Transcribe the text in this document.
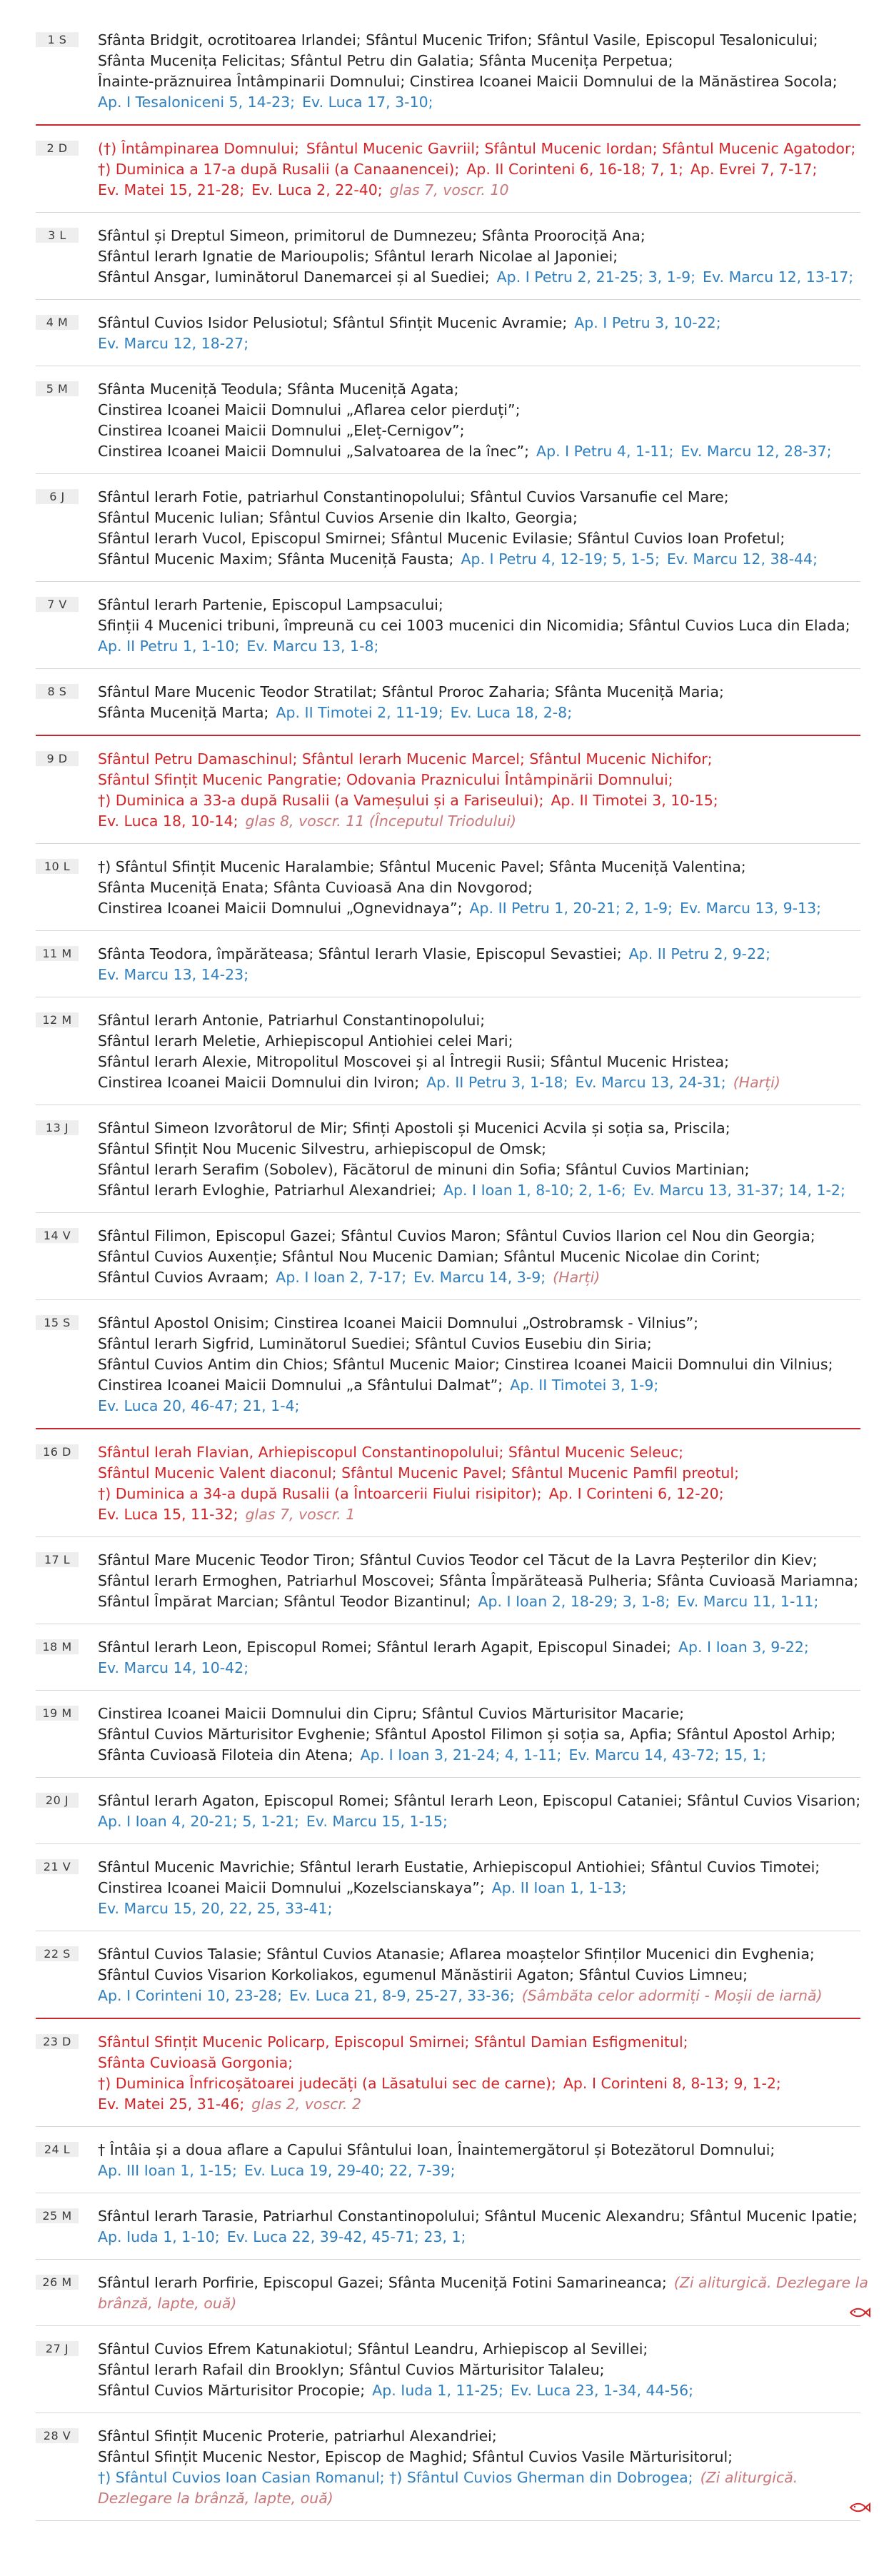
1 S	Sfânta Bridgit, ocrotitoarea Irlandei; Sfântul Mucenic Trifon; Sfântul Vasile, Episcopul Tesalonicului;
Sfânta Mucenița Felicitas; Sfântul Petru din Galatia; Sfânta Mucenița Perpetua;
Înainte-prăznuirea Întâmpinarii Domnului; Cinstirea Icoanei Maicii Domnului de la Mănăstirea Socola;
Ap. I Tesaloniceni 5, 14-23; Ev. Luca 17, 3-10;
2 D	(†) Întâmpinarea Domnului; Sfântul Mucenic Gavriil; Sfântul Mucenic Iordan; Sfântul Mucenic Agatodor;
†) Duminica a 17-a după Rusalii (a Canaanencei); Ap. II Corinteni 6, 16-18; 7, 1; Ap. Evrei 7, 7-17;
Ev. Matei 15, 21-28; Ev. Luca 2, 22-40; glas 7, voscr. 10
3 L	Sfântul și Dreptul Simeon, primitorul de Dumnezeu; Sfânta Proorociță Ana;
Sfântul Ierarh Ignatie de Marioupolis; Sfântul Ierarh Nicolae al Japoniei;
Sfântul Ansgar, luminătorul Danemarcei și al Suediei; Ap. I Petru 2, 21-25; 3, 1-9; Ev. Marcu 12, 13-17;
4 M	Sfântul Cuvios Isidor Pelusiotul; Sfântul Sfințit Mucenic Avramie; Ap. I Petru 3, 10-22;
Ev. Marcu 12, 18-27;
5 M	Sfânta Muceniță Teodula; Sfânta Muceniță Agata;
Cinstirea Icoanei Maicii Domnului „Aflarea celor pierduți”;
Cinstirea Icoanei Maicii Domnului „Eleț-Cernigov”;
Cinstirea Icoanei Maicii Domnului „Salvatoarea de la înec”; Ap. I Petru 4, 1-11; Ev. Marcu 12, 28-37;
6 J	Sfântul Ierarh Fotie, patriarhul Constantinopolului; Sfântul Cuvios Varsanufie cel Mare;
Sfântul Mucenic Iulian; Sfântul Cuvios Arsenie din Ikalto, Georgia;
Sfântul Ierarh Vucol, Episcopul Smirnei; Sfântul Mucenic Evilasie; Sfântul Cuvios Ioan Profetul;
Sfântul Mucenic Maxim; Sfânta Muceniță Fausta; Ap. I Petru 4, 12-19; 5, 1-5; Ev. Marcu 12, 38-44;
7 V	Sfântul Ierarh Partenie, Episcopul Lampsacului;
Sfinții 4 Mucenici tribuni, împreună cu cei 1003 mucenici din Nicomidia; Sfântul Cuvios Luca din Elada;
Ap. II Petru 1, 1-10; Ev. Marcu 13, 1-8;
8 S	Sfântul Mare Mucenic Teodor Stratilat; Sfântul Proroc Zaharia; Sfânta Muceniță Maria;
Sfânta Muceniță Marta; Ap. II Timotei 2, 11-19; Ev. Luca 18, 2-8;
9 D	Sfântul Petru Damaschinul; Sfântul Ierarh Mucenic Marcel; Sfântul Mucenic Nichifor;
Sfântul Sfințit Mucenic Pangratie; Odovania Praznicului Întâmpinării Domnului;
†) Duminica a 33-a după Rusalii (a Vameșului și a Fariseului); Ap. II Timotei 3, 10-15;
Ev. Luca 18, 10-14; glas 8, voscr. 11 (Începutul Triodului)
10 L	†) Sfântul Sfințit Mucenic Haralambie; Sfântul Mucenic Pavel; Sfânta Muceniță Valentina;
Sfânta Muceniță Enata; Sfânta Cuvioasă Ana din Novgorod;
Cinstirea Icoanei Maicii Domnului „Ognevidnaya”; Ap. II Petru 1, 20-21; 2, 1-9; Ev. Marcu 13, 9-13;
11 M	Sfânta Teodora, împărăteasa; Sfântul Ierarh Vlasie, Episcopul Sevastiei; Ap. II Petru 2, 9-22;
Ev. Marcu 13, 14-23;
12 M	Sfântul Ierarh Antonie, Patriarhul Constantinopolului;
Sfântul Ierarh Meletie, Arhiepiscopul Antiohiei celei Mari;
Sfântul Ierarh Alexie, Mitropolitul Moscovei și al Întregii Rusii; Sfântul Mucenic Hristea;
Cinstirea Icoanei Maicii Domnului din Iviron; Ap. II Petru 3, 1-18; Ev. Marcu 13, 24-31; (Harți)
13 J	Sfântul Simeon Izvorâtorul de Mir; Sfinți Apostoli și Mucenici Acvila și soția sa, Priscila;
Sfântul Sfințit Nou Mucenic Silvestru, arhiepiscopul de Omsk;
Sfântul Ierarh Serafim (Sobolev), Făcătorul de minuni din Sofia; Sfântul Cuvios Martinian;
Sfântul Ierarh Evloghie, Patriarhul Alexandriei; Ap. I Ioan 1, 8-10; 2, 1-6; Ev. Marcu 13, 31-37; 14, 1-2;
14 V	Sfântul Filimon, Episcopul Gazei; Sfântul Cuvios Maron; Sfântul Cuvios Ilarion cel Nou din Georgia;
Sfântul Cuvios Auxenție; Sfântul Nou Mucenic Damian; Sfântul Mucenic Nicolae din Corint;
Sfântul Cuvios Avraam; Ap. I Ioan 2, 7-17; Ev. Marcu 14, 3-9; (Harți)
15 S	Sfântul Apostol Onisim; Cinstirea Icoanei Maicii Domnului „Ostrobramsk - Vilnius”;
Sfântul Ierarh Sigfrid, Luminătorul Suediei; Sfântul Cuvios Eusebiu din Siria;
Sfântul Cuvios Antim din Chios; Sfântul Mucenic Maior; Cinstirea Icoanei Maicii Domnului din Vilnius;
Cinstirea Icoanei Maicii Domnului „a Sfântului Dalmat”; Ap. II Timotei 3, 1-9;
Ev. Luca 20, 46-47; 21, 1-4;
16 D	Sfântul Ierah Flavian, Arhiepiscopul Constantinopolului; Sfântul Mucenic Seleuc;
Sfântul Mucenic Valent diaconul; Sfântul Mucenic Pavel; Sfântul Mucenic Pamfil preotul;
†) Duminica a 34-a după Rusalii (a Întoarcerii Fiului risipitor); Ap. I Corinteni 6, 12-20;
Ev. Luca 15, 11-32; glas 7, voscr. 1
17 L	Sfântul Mare Mucenic Teodor Tiron; Sfântul Cuvios Teodor cel Tăcut de la Lavra Peșterilor din Kiev;
Sfântul Ierarh Ermoghen, Patriarhul Moscovei; Sfânta Împărăteasă Pulheria; Sfânta Cuvioasă Mariamna;
Sfântul Împărat Marcian; Sfântul Teodor Bizantinul; Ap. I Ioan 2, 18-29; 3, 1-8; Ev. Marcu 11, 1-11;
18 M	Sfântul Ierarh Leon, Episcopul Romei; Sfântul Ierarh Agapit, Episcopul Sinadei; Ap. I Ioan 3, 9-22;
Ev. Marcu 14, 10-42;
19 M	Cinstirea Icoanei Maicii Domnului din Cipru; Sfântul Cuvios Mărturisitor Macarie;
Sfântul Cuvios Mărturisitor Evghenie; Sfântul Apostol Filimon și soția sa, Apfia; Sfântul Apostol Arhip;
Sfânta Cuvioasă Filoteia din Atena; Ap. I Ioan 3, 21-24; 4, 1-11; Ev. Marcu 14, 43-72; 15, 1;
20 J	Sfântul Ierarh Agaton, Episcopul Romei; Sfântul Ierarh Leon, Episcopul Cataniei; Sfântul Cuvios Visarion;
Ap. I Ioan 4, 20-21; 5, 1-21; Ev. Marcu 15, 1-15;
21 V	Sfântul Mucenic Mavrichie; Sfântul Ierarh Eustatie, Arhiepiscopul Antiohiei; Sfântul Cuvios Timotei;
Cinstirea Icoanei Maicii Domnului „Kozelscianskaya”; Ap. II Ioan 1, 1-13;
Ev. Marcu 15, 20, 22, 25, 33-41;
22 S	Sfântul Cuvios Talasie; Sfântul Cuvios Atanasie; Aflarea moaștelor Sfinților Mucenici din Evghenia;
Sfântul Cuvios Visarion Korkoliakos, egumenul Mănăstirii Agaton; Sfântul Cuvios Limneu;
Ap. I Corinteni 10, 23-28; Ev. Luca 21, 8-9, 25-27, 33-36; (Sâmbăta celor adormiți - Moșii de iarnă)
23 D	Sfântul Sfințit Mucenic Policarp, Episcopul Smirnei; Sfântul Damian Esfigmenitul;
Sfânta Cuvioasă Gorgonia;
†) Duminica Înfricoșătoarei judecăți (a Lăsatului sec de carne); Ap. I Corinteni 8, 8-13; 9, 1-2;
Ev. Matei 25, 31-46; glas 2, voscr. 2
24 L	† Întâia și a doua aflare a Capului Sfântului Ioan, Înaintemergătorul și Botezătorul Domnului;
Ap. III Ioan 1, 1-15; Ev. Luca 19, 29-40; 22, 7-39;
25 M	Sfântul Ierarh Tarasie, Patriarhul Constantinopolului; Sfântul Mucenic Alexandru; Sfântul Mucenic Ipatie;
Ap. Iuda 1, 1-10; Ev. Luca 22, 39-42, 45-71; 23, 1;
26 M	Sfântul Ierarh Porfirie, Episcopul Gazei; Sfânta Muceniță Fotini Samarineanca; (Zi aliturgică. Dezlegare la
brânză, lapte, ouă)
27 J	Sfântul Cuvios Efrem Katunakiotul; Sfântul Leandru, Arhiepiscop al Sevillei;
Sfântul Ierarh Rafail din Brooklyn; Sfântul Cuvios Mărturisitor Talaleu;
Sfântul Cuvios Mărturisitor Procopie; Ap. Iuda 1, 11-25; Ev. Luca 23, 1-34, 44-56;
28 V	Sfântul Sfințit Mucenic Proterie, patriarhul Alexandriei;
Sfântul Sfințit Mucenic Nestor, Episcop de Maghid; Sfântul Cuvios Vasile Mărturisitorul;
†) Sfântul Cuvios Ioan Casian Romanul; †) Sfântul Cuvios Gherman din Dobrogea; (Zi aliturgică.
Dezlegare la brânză, lapte, ouă)
